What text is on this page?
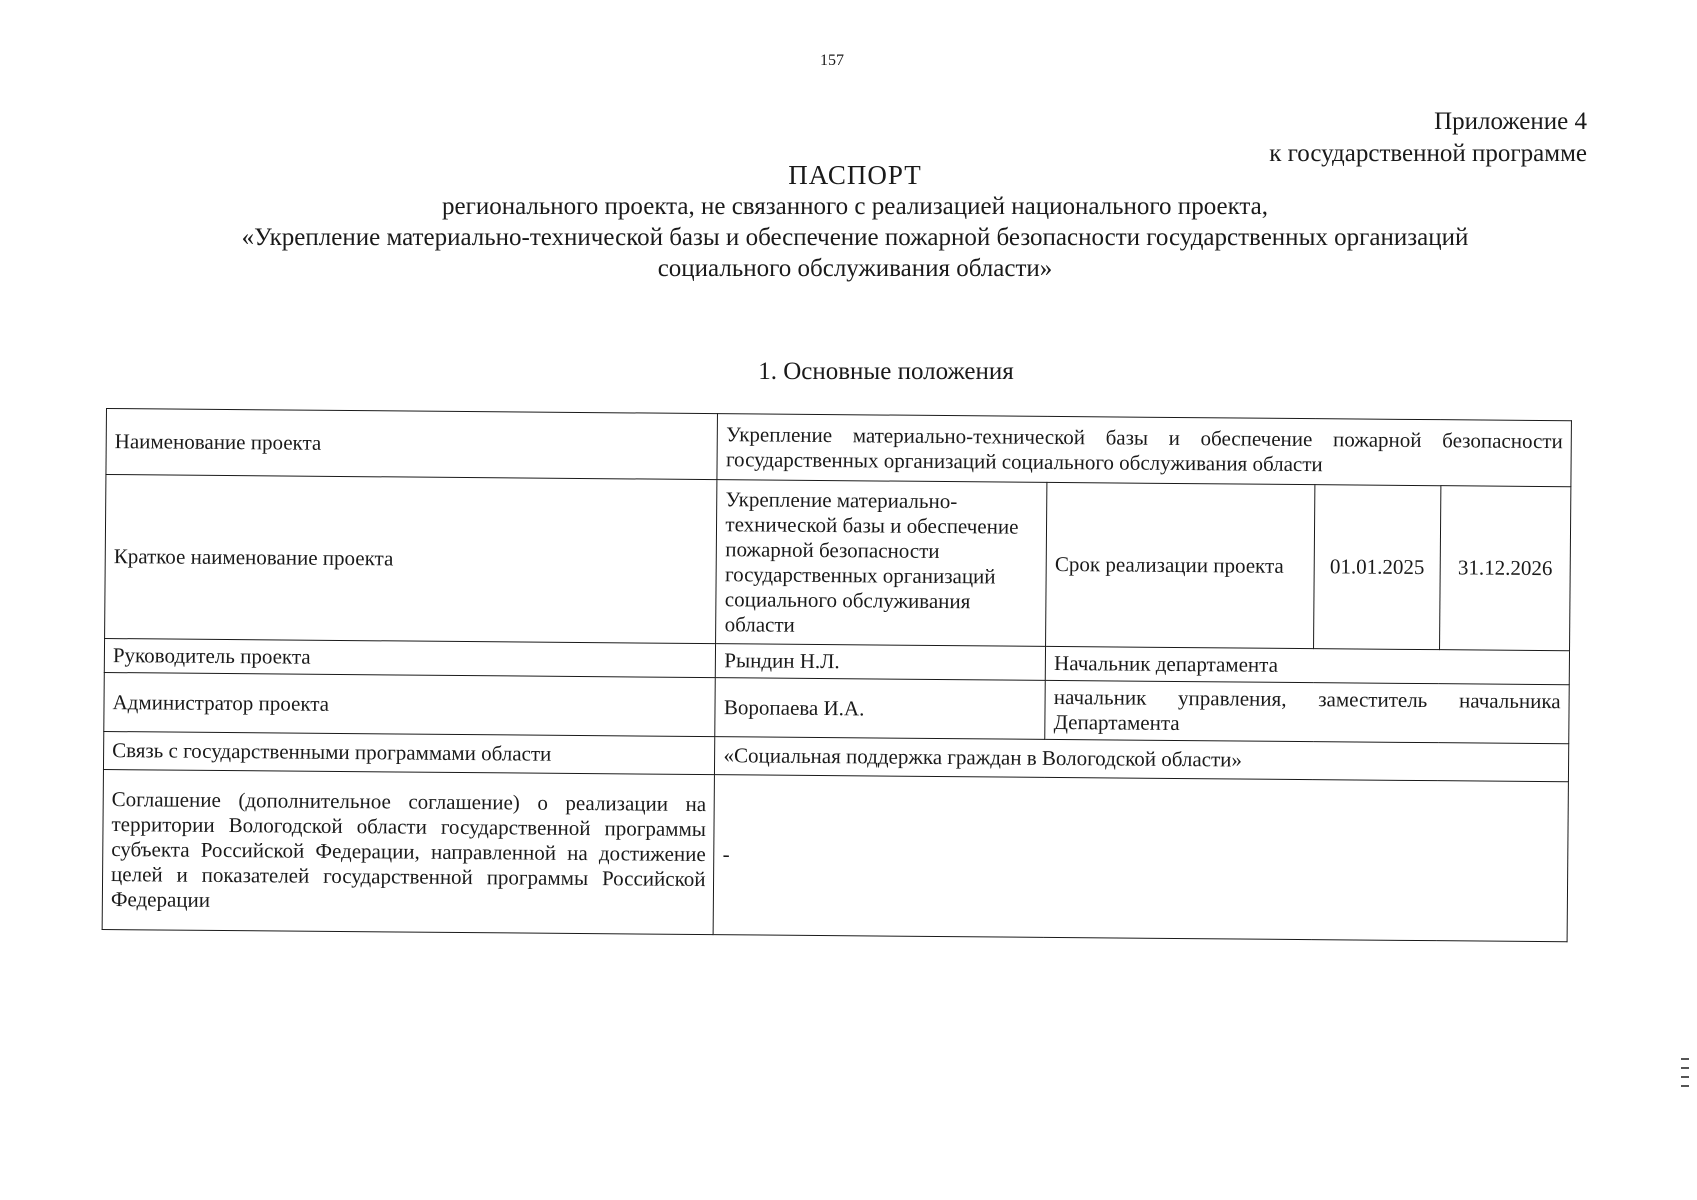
157
Приложение 4
к государственной программе
ПАСПОРТ
регионального проекта, не связанного с реализацией национального проекта,
«Укрепление материально-технической базы и обеспечение пожарной безопасности государственных организаций
социального обслуживания области»
1. Основные положения
Наименование проекта	Укрепление материально-технической базы и обеспечение пожарной безопасности государственных организаций социального обслуживания области			
Краткое наименование проекта	Укрепление материально-технической базы и обеспечение пожарной безопасности государственных организаций социального обслуживания области	Срок реализации проекта	01.01.2025	31.12.2026
Руководитель проекта	Рындин Н.Л.	Начальник департамента		
Администратор проекта	Воропаева И.А.	начальник управления, заместитель начальника Департамента		
Связь с государственными программами области	«Социальная поддержка граждан в Вологодской области»			
Соглашение (дополнительное соглашение) о реализации на территории Вологодской области государственной программы субъекта Российской Федерации, направленной на достижение целей и показателей государственной программы Российской Федерации	-			
